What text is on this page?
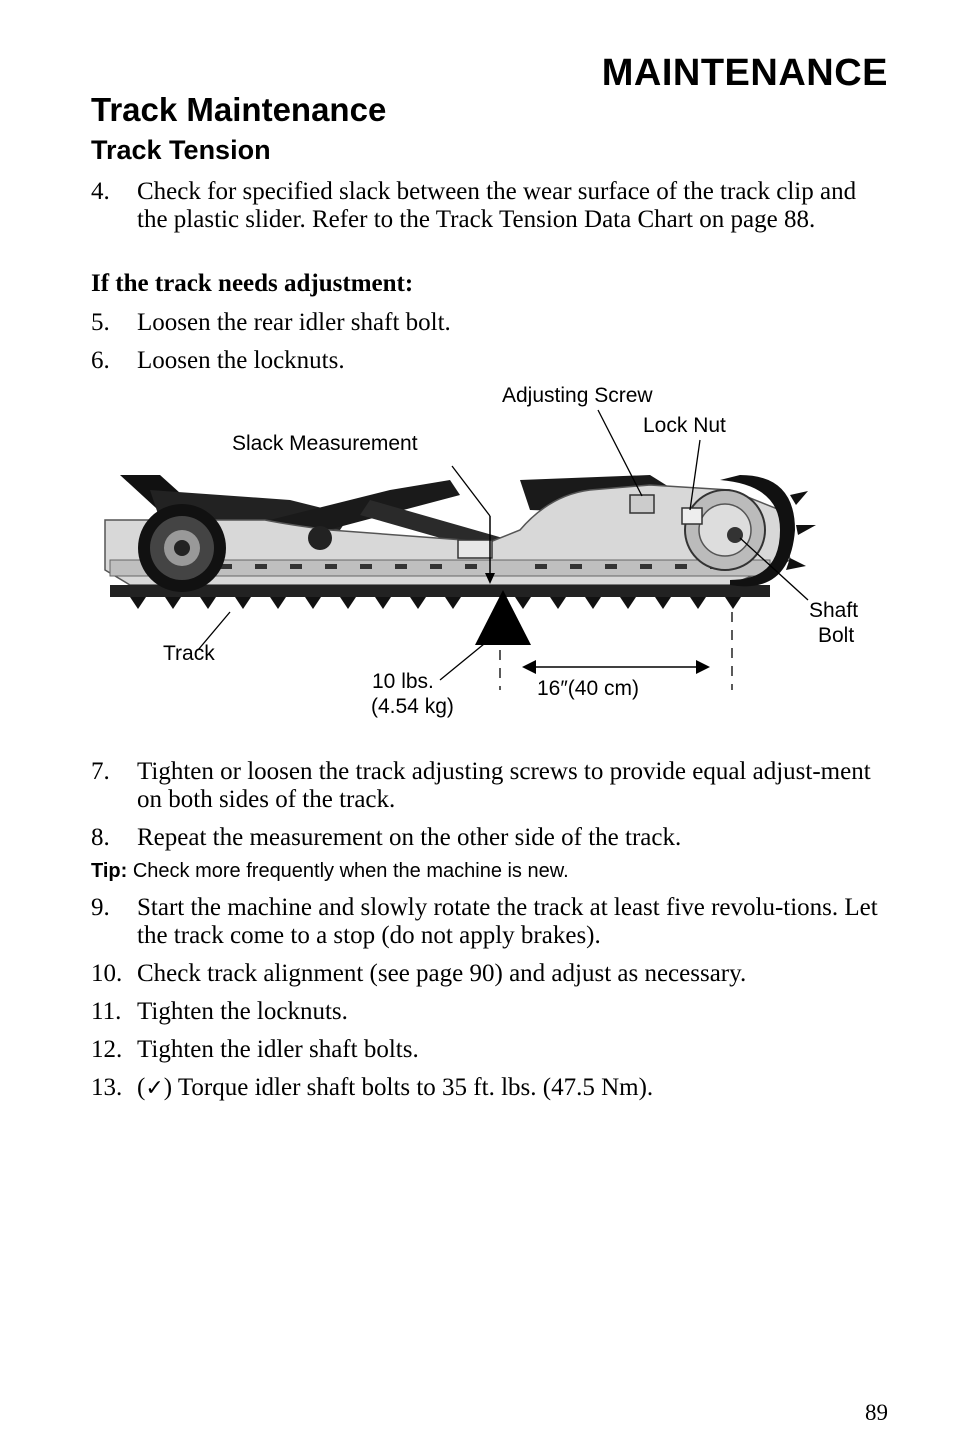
MAINTENANCE
Track Maintenance
Track Tension
4.	Check for specified slack between the wear surface of the track clip and the plastic slider. Refer to the Track Tension Data Chart on page 88.
If the track needs adjustment:
5.	Loosen the rear idler shaft bolt.
6.	Loosen the locknuts.
Adjusting Screw
Lock Nut
Slack Measurement
Shaft
Bolt
Track
10 lbs.
(4.54 kg)
16″(40 cm)
7.	Tighten or loosen the track adjusting screws to provide equal adjust-ment on both sides of the track.
8.	Repeat the measurement on the other side of the track.
Tip: Check more frequently when the machine is new.
9.	Start the machine and slowly rotate the track at least five revolu-tions. Let the track come to a stop (do not apply brakes).
10. Check track alignment (see page 90) and adjust as necessary.
11. Tighten the locknuts.
12. Tighten the idler shaft bolts.
13. (✓) Torque idler shaft bolts to 35 ft. lbs. (47.5 Nm).
89
